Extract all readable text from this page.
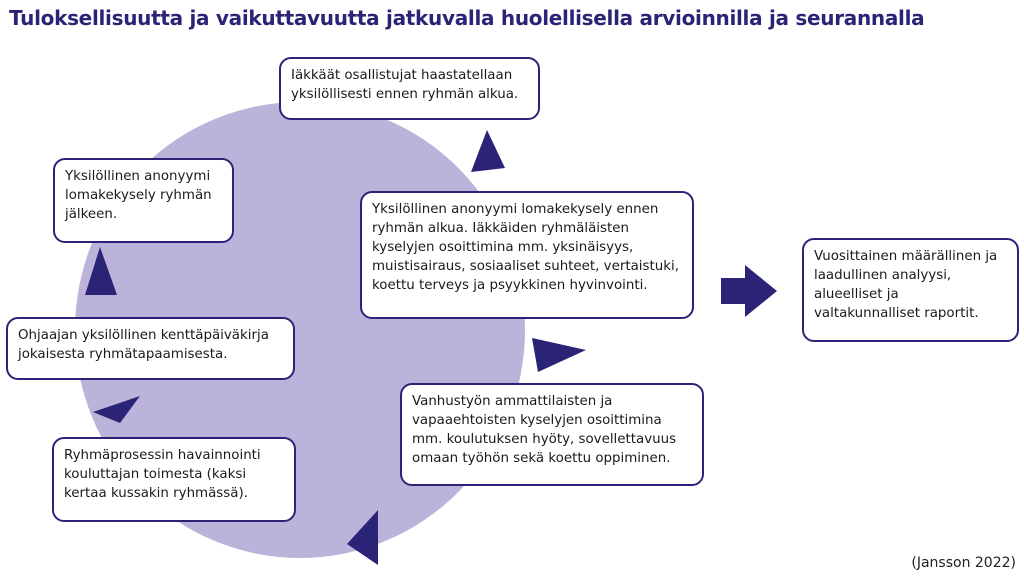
Tuloksellisuutta ja vaikuttavuutta jatkuvalla huolellisella arvioinnilla ja seurannalla
Iäkkäät osallistujat haastatellaan yksilöllisesti ennen ryhmän alkua.
Yksilöllinen anonyymi lomakekysely ennen ryhmän alkua. Iäkkäiden ryhmäläisten kyselyjen osoittimina mm. yksinäisyys, muistisairaus, sosiaaliset suhteet, vertaistuki, koettu terveys ja psyykkinen hyvinvointi.
Vanhustyön ammattilaisten ja vapaaehtoisten kyselyjen osoittimina mm. koulutuksen hyöty, sovellettavuus omaan työhön sekä koettu oppiminen.
Ryhmäprosessin havainnointi kouluttajan toimesta (kaksi kertaa kussakin ryhmässä).
Ohjaajan yksilöllinen kenttäpäiväkirja jokaisesta ryhmätapaamisesta.
Yksilöllinen anonyymi lomakekysely ryhmän jälkeen.
Vuosittainen määrällinen ja laadullinen analyysi, alueelliset ja valtakunnalliset raportit.
(Jansson 2022)
